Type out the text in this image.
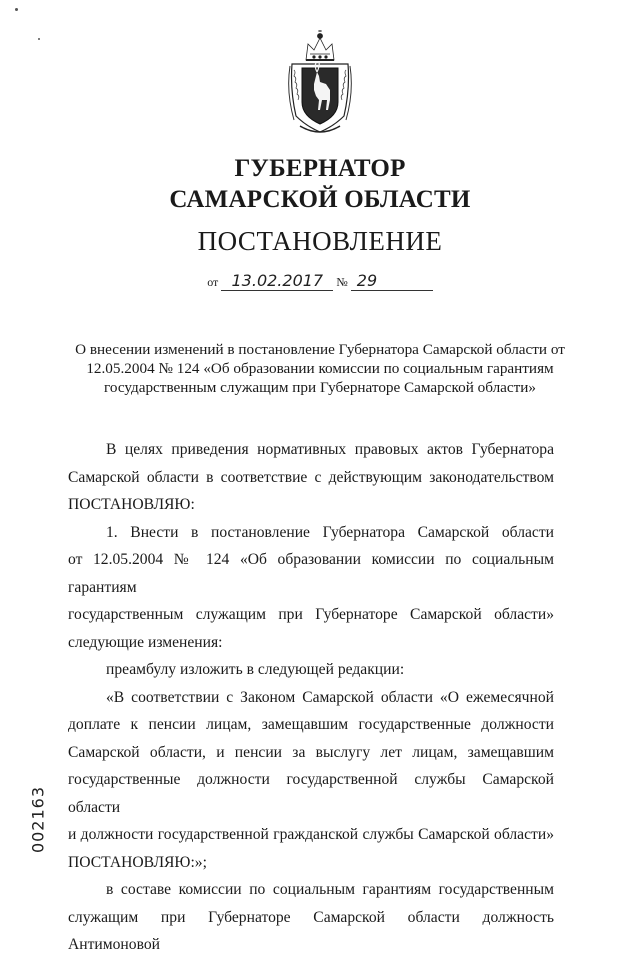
ГУБЕРНАТОР
САМАРСКОЙ ОБЛАСТИ
ПОСТАНОВЛЕНИЕ
от 13.02.2017 № 29
О внесении изменений в постановление Губернатора Самарской области от 12.05.2004 № 124 «Об образовании комиссии по социальным гарантиям государственным служащим при Губернаторе Самарской области»

В целях приведения нормативных правовых актов Губернатора

Самарской области в соответствие с действующим законодательством

ПОСТАНОВЛЯЮ:

1. Внести в постановление Губернатора Самарской области

от 12.05.2004 № 124 «Об образовании комиссии по социальным гарантиям

государственным служащим при Губернаторе Самарской области»

следующие изменения:

преамбулу изложить в следующей редакции:

«В соответствии с Законом Самарской области «О ежемесячной

доплате к пенсии лицам, замещавшим государственные должности

Самарской области, и пенсии за выслугу лет лицам, замещавшим

государственные должности государственной службы Самарской области

и должности государственной гражданской службы Самарской области»

ПОСТАНОВЛЯЮ:»;

в составе комиссии по социальным гарантиям государственным

служащим при Губернаторе Самарской области должность Антимоновой

002163
